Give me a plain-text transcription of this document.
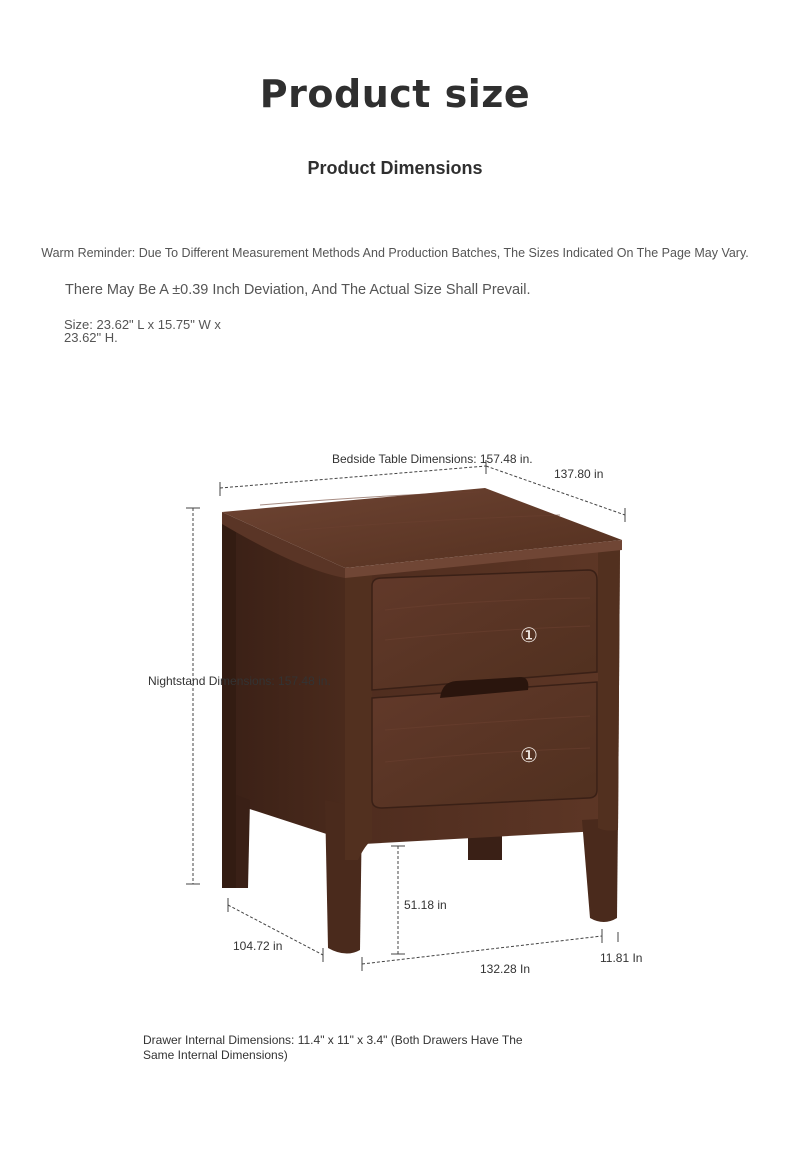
Product size
Product Dimensions
Warm Reminder: Due To Different Measurement Methods And Production Batches, The Sizes Indicated On The Page May Vary.
There May Be A ±0.39 Inch Deviation, And The Actual Size Shall Prevail.
Size: 23.62" L x 15.75" W x
23.62" H.
Bedside Table Dimensions: 157.48 in.
137.80 in
Nightstand Dimensions: 157.48 in.
51.18 in
104.72 in
132.28 In
11.81 In
①
①
Drawer Internal Dimensions: 11.4" x 11" x 3.4" (Both Drawers Have The Same Internal Dimensions)
